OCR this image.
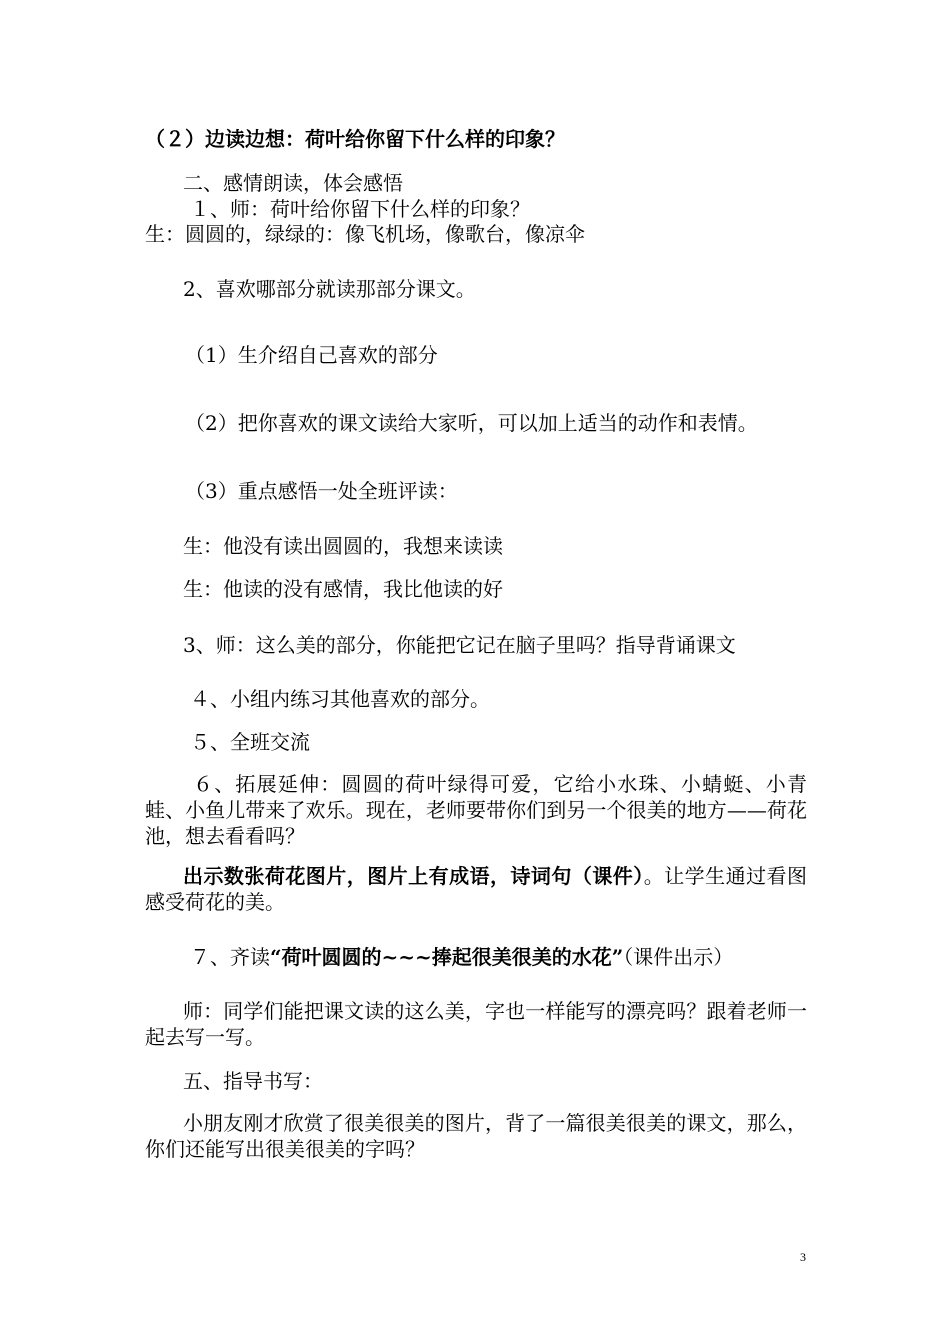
（２）边读边想：荷叶给你留下什么样的印象？
二、感情朗读，体会感悟
１、师：荷叶给你留下什么样的印象？
生：圆圆的，绿绿的：像飞机场，像歌台，像凉伞
2、喜欢哪部分就读那部分课文。
（1）生介绍自己喜欢的部分
（2）把你喜欢的课文读给大家听，可以加上适当的动作和表情。
（3）重点感悟一处全班评读：
生：他没有读出圆圆的，我想来读读
生：他读的没有感情，我比他读的好
3、师：这么美的部分，你能把它记在脑子里吗？指导背诵课文
４、小组内练习其他喜欢的部分。
５、全班交流
６、拓展延伸：圆圆的荷叶绿得可爱，它给小水珠、小蜻蜓、小青蛙、小鱼儿带来了欢乐。现在，老师要带你们到另一个很美的地方——荷花池，想去看看吗？
出示数张荷花图片，图片上有成语，诗词句（课件）。让学生通过看图感受荷花的美。
７、齐读“荷叶圆圆的~~~捧起很美很美的水花”（课件出示）
师：同学们能把课文读的这么美，字也一样能写的漂亮吗？跟着老师一起去写一写。
五、指导书写：
小朋友刚才欣赏了很美很美的图片，背了一篇很美很美的课文，那么，你们还能写出很美很美的字吗？
3
